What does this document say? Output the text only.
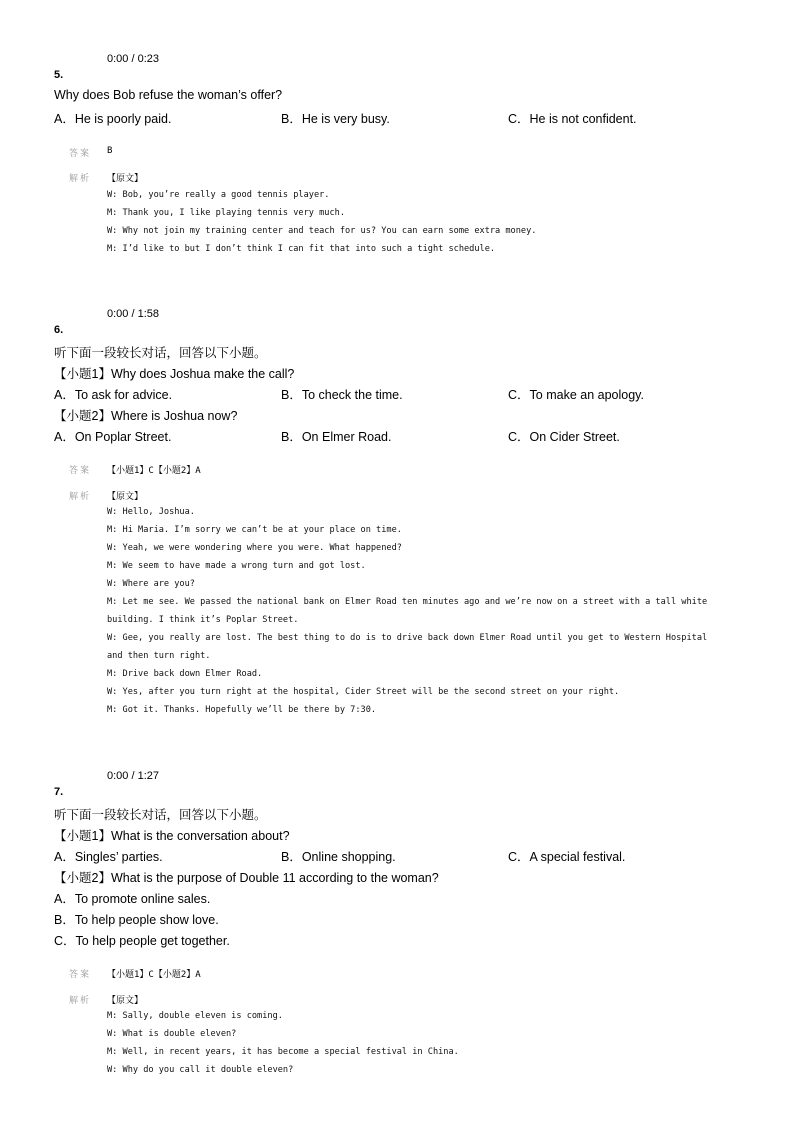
0:00 / 0:23
5.
Why does Bob refuse the woman’s offer?
A．He is poorly paid.	B．He is very busy.	C．He is not confident.
答案 B
解析 【原文】
W: Bob, you’re really a good tennis player.
M: Thank you, I like playing tennis very much.
W: Why not join my training center and teach for us? You can earn some extra money.
M: I’d like to but I don’t think I can fit that into such a tight schedule.
0:00 / 1:58
6.
听下面一段较长对话，回答以下小题。
【小题1】Why does Joshua make the call?
A．To ask for advice.	B．To check the time.	C．To make an apology.
【小题2】Where is Joshua now?
A．On Poplar Street.	B．On Elmer Road.	C．On Cider Street.
答案 【小题1】C【小题2】A
解析 【原文】
W: Hello, Joshua.
M: Hi Maria. I’m sorry we can’t be at your place on time.
W: Yeah, we were wondering where you were. What happened?
M: We seem to have made a wrong turn and got lost.
W: Where are you?
M: Let me see. We passed the national bank on Elmer Road ten minutes ago and we’re now on a street with a tall white
building. I think it’s Poplar Street.
W: Gee, you really are lost. The best thing to do is to drive back down Elmer Road until you get to Western Hospital
and then turn right.
M: Drive back down Elmer Road.
W: Yes, after you turn right at the hospital, Cider Street will be the second street on your right.
M: Got it. Thanks. Hopefully we’ll be there by 7:30.
0:00 / 1:27
7.
听下面一段较长对话，回答以下小题。
【小题1】What is the conversation about?
A．Singles’ parties.	B．Online shopping.	C．A special festival.
【小题2】What is the purpose of Double 11 according to the woman?
A．To promote online sales.
B．To help people show love.
C．To help people get together.
答案 【小题1】C【小题2】A
解析 【原文】
M: Sally, double eleven is coming.
W: What is double eleven?
M: Well, in recent years, it has become a special festival in China.
W: Why do you call it double eleven?
